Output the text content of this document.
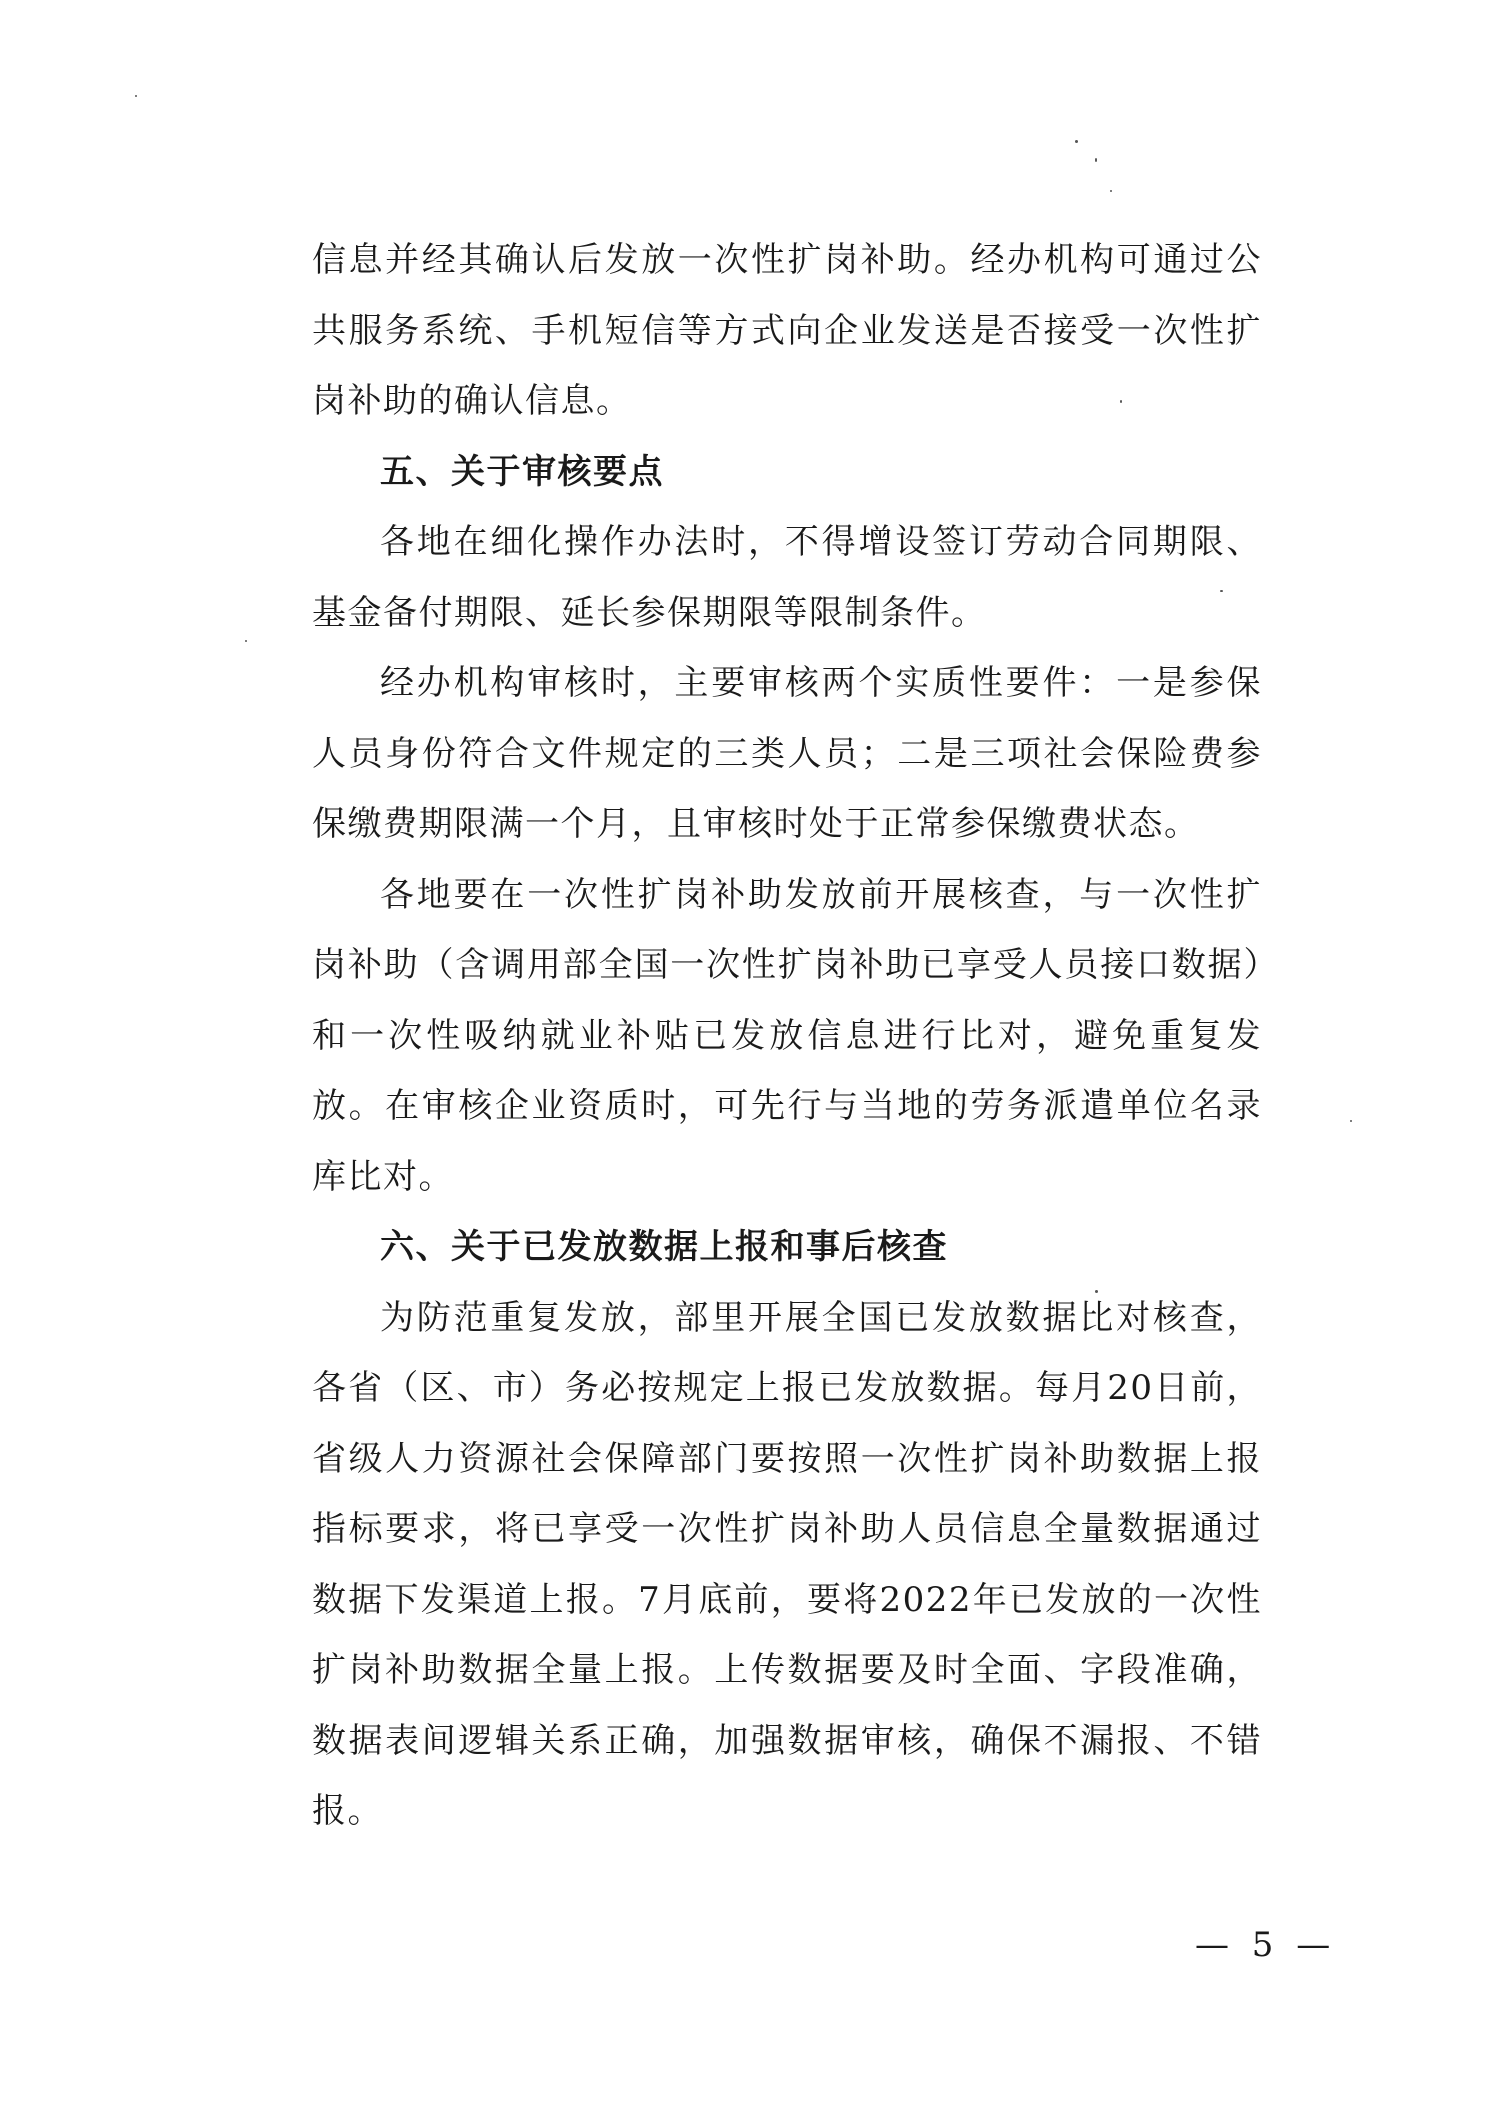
信息并经其确认后发放一次性扩岗补助。经办机构可通过公共服务系统、手机短信等方式向企业发送是否接受一次性扩岗补助的确认信息。

五、关于审核要点

各地在细化操作办法时，不得增设签订劳动合同期限、基金备付期限、延长参保期限等限制条件。

经办机构审核时，主要审核两个实质性要件：一是参保人员身份符合文件规定的三类人员；二是三项社会保险费参保缴费期限满一个月，且审核时处于正常参保缴费状态。

各地要在一次性扩岗补助发放前开展核查，与一次性扩岗补助（含调用部全国一次性扩岗补助已享受人员接口数据）和一次性吸纳就业补贴已发放信息进行比对，避免重复发放。在审核企业资质时，可先行与当地的劳务派遣单位名录库比对。

六、关于已发放数据上报和事后核查

为防范重复发放，部里开展全国已发放数据比对核查，各省（区、市）务必按规定上报已发放数据。每月20日前，省级人力资源社会保障部门要按照一次性扩岗补助数据上报指标要求，将已享受一次性扩岗补助人员信息全量数据通过数据下发渠道上报。7月底前，要将2022年已发放的一次性扩岗补助数据全量上报。上传数据要及时全面、字段准确，数据表间逻辑关系正确，加强数据审核，确保不漏报、不错报。

— 5 —
